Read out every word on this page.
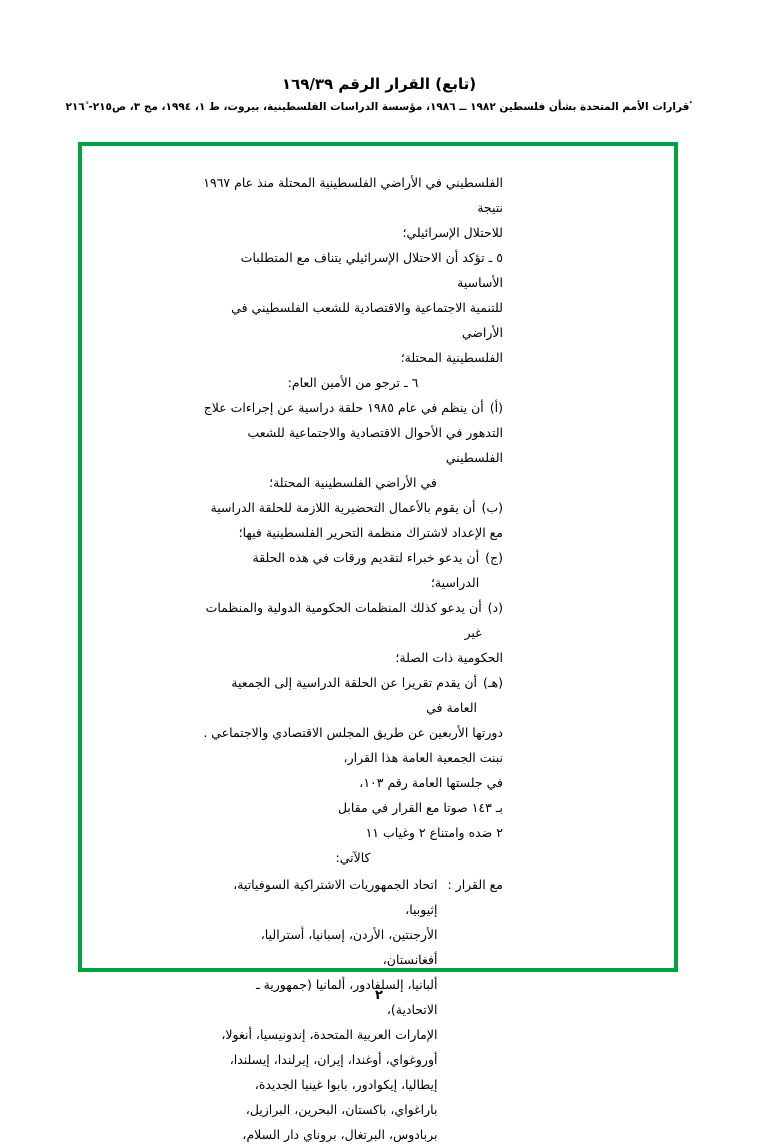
(تابع) القرار الرقم ١٦٩/٣٩
ٴقرارات الأمم المتحدة بشأن فلسطين ١٩٨٢ ــ ١٩٨٦، مؤسسة الدراسات الفلسطينية، بيروت، ط ١، ١٩٩٤، مج ٣، ص٢١٥- ٢١٦ٔ

الفلسطيني في الأراضي الفلسطينية المحتلة منذ عام ١٩٦٧ نتيجة

للاحتلال الإسرائيلي؛

٥ ـ تؤكد أن الاحتلال الإسرائيلي يتناف مع المتطلبات الأساسية

للتنمية الاجتماعية والاقتصادية للشعب الفلسطيني في الأراضي

الفلسطينية المحتلة؛

٦ ـ ترجو من الأمين العام:

(أ)
أن ينظم في عام ١٩٨٥ حلقة دراسية عن إجراءات علاج

التدهور في الأحوال الاقتصادية والاجتماعية للشعب الفلسطيني

في الأراضي الفلسطينية المحتلة؛

(ب)
أن يقوم بالأعمال التحضيرية اللازمة للحلقة الدراسية

مع الإعداد لاشتراك منظمة التحرير الفلسطينية فيها؛

(ج)
أن يدعو خبراء لتقديم ورقات في هذه الحلقة الدراسية؛
(د)
أن يدعو كذلك المنظمات الحكومية الدولية والمنظمات غير

الحكومية ذات الصلة؛

(هـ)
أن يقدم تقريرا عن الحلقة الدراسية إلى الجمعية العامة في

دورتها الأربعين عن طريق المجلس الاقتصادي والاجتماعي .

نبنت الجمعية العامة هذا القرار،

في جلستها العامة رقم ١٠٣،

بـ ١٤٣ صوتا مع القرار في مقابل

٢ ضده وامتناع ٢ وغياب ١١

كالآتي:

مع القرار :

اتحاد الجمهوريات الاشتراكية السوفياتية، إثيوبيا،

الأرجنتين، الأردن، إسبانيا، أستراليا، أفغانستان،

ألبانيا، إلسلفادور، ألمانيا (جمهورية ـ الاتحادية)،

الإمارات العربية المتحدة، إندونيسيا، أنغولا،

أوروغواي، أوغندا، إيران، إيرلندا، إيسلندا،

إيطاليا، إيكوادور، بابوا غينيا الجديدة،

باراغواي، باكستان، البحرين، البرازيل،

بربادوس، البرتغال، بروناي دار السلام،

٢
